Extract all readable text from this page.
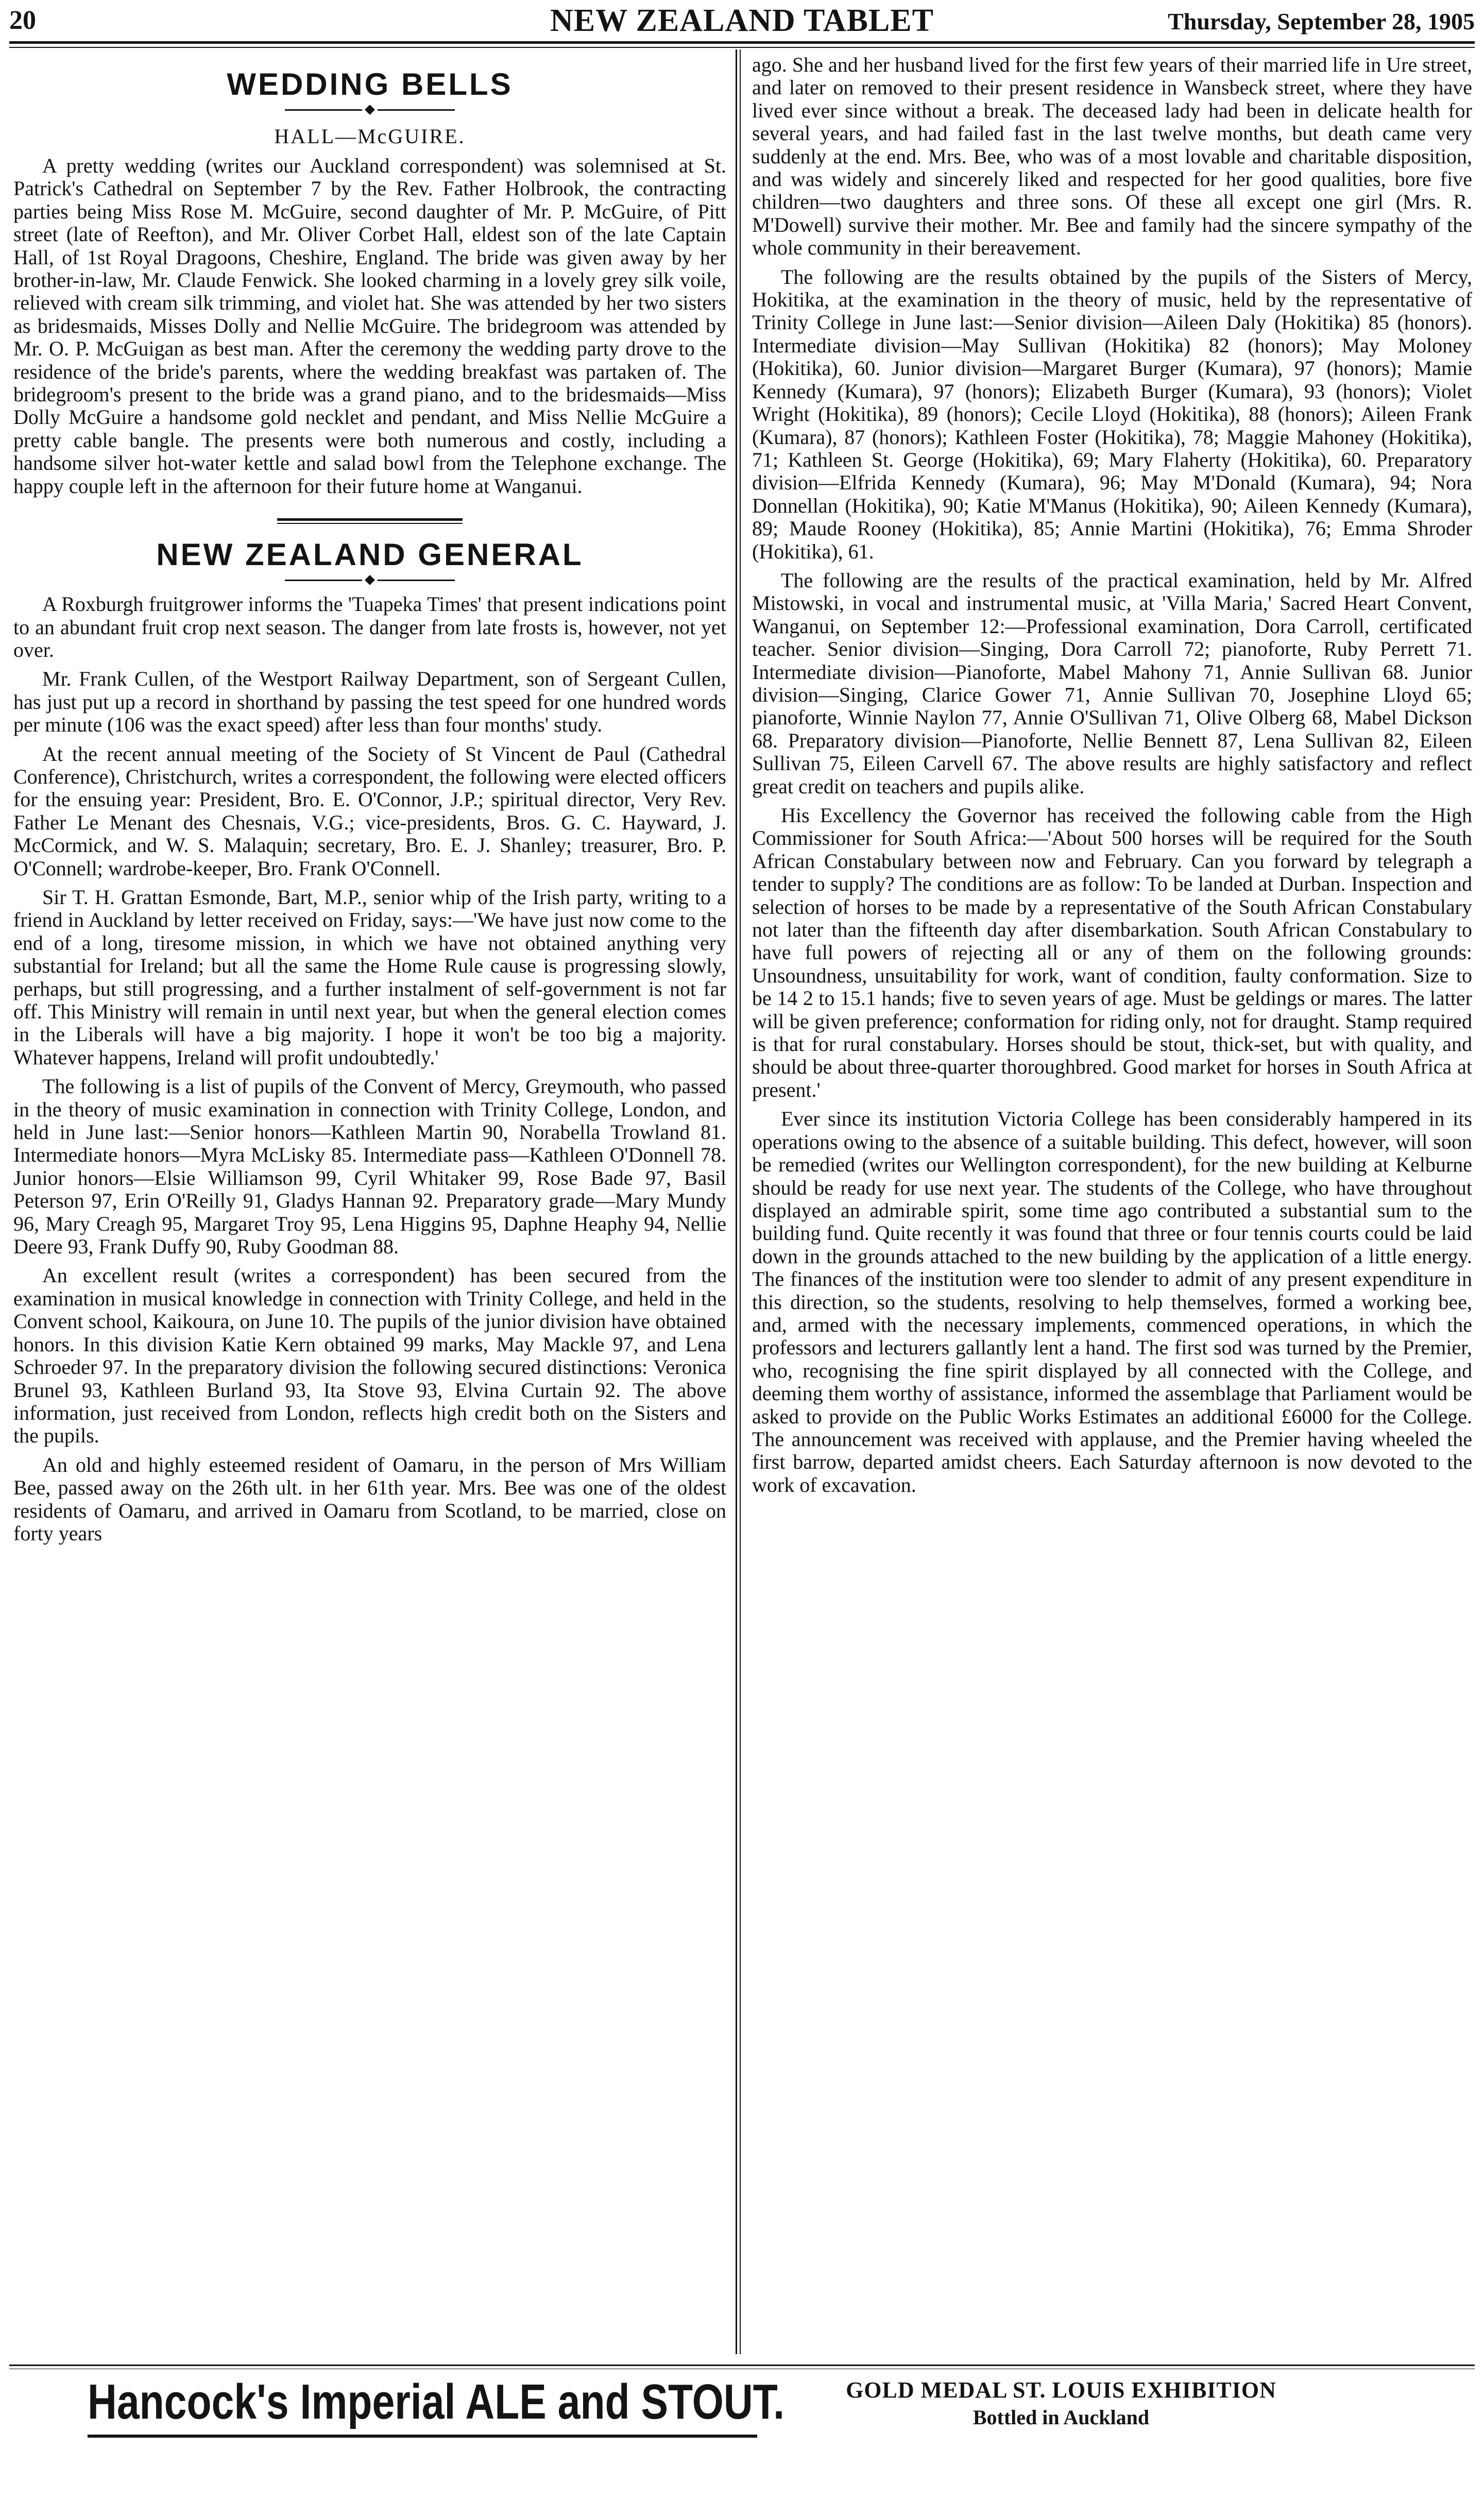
20	NEW ZEALAND TABLET	Thursday, September 28, 1905
WEDDING BELLS
HALL—McGUIRE.

A pretty wedding (writes our Auckland correspondent) was solemnised at St. Patrick's Cathedral on September 7 by the Rev. Father Holbrook, the contracting parties being Miss Rose M. McGuire, second daughter of Mr. P. McGuire, of Pitt street (late of Reefton), and Mr. Oliver Corbet Hall, eldest son of the late Captain Hall, of 1st Royal Dragoons, Cheshire, England. The bride was given away by her brother-in-law, Mr. Claude Fenwick. She looked charming in a lovely grey silk voile, relieved with cream silk trimming, and violet hat. She was attended by her two sisters as bridesmaids, Misses Dolly and Nellie McGuire. The bridegroom was attended by Mr. O. P. McGuigan as best man. After the ceremony the wedding party drove to the residence of the bride's parents, where the wedding breakfast was partaken of. The bridegroom's present to the bride was a grand piano, and to the bridesmaids—Miss Dolly McGuire a handsome gold necklet and pendant, and Miss Nellie McGuire a pretty cable bangle. The presents were both numerous and costly, including a handsome silver hot-water kettle and salad bowl from the Telephone exchange. The happy couple left in the afternoon for their future home at Wanganui.

NEW ZEALAND GENERAL

A Roxburgh fruitgrower informs the 'Tuapeka Times' that present indications point to an abundant fruit crop next season. The danger from late frosts is, however, not yet over.

Mr. Frank Cullen, of the Westport Railway Department, son of Sergeant Cullen, has just put up a record in shorthand by passing the test speed for one hundred words per minute (106 was the exact speed) after less than four months' study.

At the recent annual meeting of the Society of St Vincent de Paul (Cathedral Conference), Christchurch, writes a correspondent, the following were elected officers for the ensuing year: President, Bro. E. O'Connor, J.P.; spiritual director, Very Rev. Father Le Menant des Chesnais, V.G.; vice-presidents, Bros. G. C. Hayward, J. McCormick, and W. S. Malaquin; secretary, Bro. E. J. Shanley; treasurer, Bro. P. O'Connell; wardrobe-keeper, Bro. Frank O'Connell.

Sir T. H. Grattan Esmonde, Bart, M.P., senior whip of the Irish party, writing to a friend in Auckland by letter received on Friday, says:—'We have just now come to the end of a long, tiresome mission, in which we have not obtained anything very substantial for Ireland; but all the same the Home Rule cause is progressing slowly, perhaps, but still progressing, and a further instalment of self-government is not far off. This Ministry will remain in until next year, but when the general election comes in the Liberals will have a big majority. I hope it won't be too big a majority. Whatever happens, Ireland will profit undoubtedly.'

The following is a list of pupils of the Convent of Mercy, Greymouth, who passed in the theory of music examination in connection with Trinity College, London, and held in June last:—Senior honors—Kathleen Martin 90, Norabella Trowland 81. Intermediate honors—Myra McLisky 85. Intermediate pass—Kathleen O'Donnell 78. Junior honors—Elsie Williamson 99, Cyril Whitaker 99, Rose Bade 97, Basil Peterson 97, Erin O'Reilly 91, Gladys Hannan 92. Preparatory grade—Mary Mundy 96, Mary Creagh 95, Margaret Troy 95, Lena Higgins 95, Daphne Heaphy 94, Nellie Deere 93, Frank Duffy 90, Ruby Goodman 88.

An excellent result (writes a correspondent) has been secured from the examination in musical knowledge in connection with Trinity College, and held in the Convent school, Kaikoura, on June 10. The pupils of the junior division have obtained honors. In this division Katie Kern obtained 99 marks, May Mackle 97, and Lena Schroeder 97. In the preparatory division the following secured distinctions: Veronica Brunel 93, Kathleen Burland 93, Ita Stove 93, Elvina Curtain 92. The above information, just received from London, reflects high credit both on the Sisters and the pupils.

An old and highly esteemed resident of Oamaru, in the person of Mrs William Bee, passed away on the 26th ult. in her 61th year. Mrs. Bee was one of the oldest residents of Oamaru, and arrived in Oamaru from Scotland, to be married, close on forty years

ago. She and her husband lived for the first few years of their married life in Ure street, and later on removed to their present residence in Wansbeck street, where they have lived ever since without a break. The deceased lady had been in delicate health for several years, and had failed fast in the last twelve months, but death came very suddenly at the end. Mrs. Bee, who was of a most lovable and charitable disposition, and was widely and sincerely liked and respected for her good qualities, bore five children—two daughters and three sons. Of these all except one girl (Mrs. R. M'Dowell) survive their mother. Mr. Bee and family had the sincere sympathy of the whole community in their bereavement.

The following are the results obtained by the pupils of the Sisters of Mercy, Hokitika, at the examination in the theory of music, held by the representative of Trinity College in June last:—Senior division—Aileen Daly (Hokitika) 85 (honors). Intermediate division—May Sullivan (Hokitika) 82 (honors); May Moloney (Hokitika), 60. Junior division—Margaret Burger (Kumara), 97 (honors); Mamie Kennedy (Kumara), 97 (honors); Elizabeth Burger (Kumara), 93 (honors); Violet Wright (Hokitika), 89 (honors); Cecile Lloyd (Hokitika), 88 (honors); Aileen Frank (Kumara), 87 (honors); Kathleen Foster (Hokitika), 78; Maggie Mahoney (Hokitika), 71; Kathleen St. George (Hokitika), 69; Mary Flaherty (Hokitika), 60. Preparatory division—Elfrida Kennedy (Kumara), 96; May M'Donald (Kumara), 94; Nora Donnellan (Hokitika), 90; Katie M'Manus (Hokitika), 90; Aileen Kennedy (Kumara), 89; Maude Rooney (Hokitika), 85; Annie Martini (Hokitika), 76; Emma Shroder (Hokitika), 61.

The following are the results of the practical examination, held by Mr. Alfred Mistowski, in vocal and instrumental music, at 'Villa Maria,' Sacred Heart Convent, Wanganui, on September 12:—Professional examination, Dora Carroll, certificated teacher. Senior division—Singing, Dora Carroll 72; pianoforte, Ruby Perrett 71. Intermediate division—Pianoforte, Mabel Mahony 71, Annie Sullivan 68. Junior division—Singing, Clarice Gower 71, Annie Sullivan 70, Josephine Lloyd 65; pianoforte, Winnie Naylon 77, Annie O'Sullivan 71, Olive Olberg 68, Mabel Dickson 68. Preparatory division—Pianoforte, Nellie Bennett 87, Lena Sullivan 82, Eileen Sullivan 75, Eileen Carvell 67. The above results are highly satisfactory and reflect great credit on teachers and pupils alike.

His Excellency the Governor has received the following cable from the High Commissioner for South Africa:—'About 500 horses will be required for the South African Constabulary between now and February. Can you forward by telegraph a tender to supply? The conditions are as follow: To be landed at Durban. Inspection and selection of horses to be made by a representative of the South African Constabulary not later than the fifteenth day after disembarkation. South African Constabulary to have full powers of rejecting all or any of them on the following grounds: Unsoundness, unsuitability for work, want of condition, faulty conformation. Size to be 14 2 to 15.1 hands; five to seven years of age. Must be geldings or mares. The latter will be given preference; conformation for riding only, not for draught. Stamp required is that for rural constabulary. Horses should be stout, thick-set, but with quality, and should be about three-quarter thoroughbred. Good market for horses in South Africa at present.'

Ever since its institution Victoria College has been considerably hampered in its operations owing to the absence of a suitable building. This defect, however, will soon be remedied (writes our Wellington correspondent), for the new building at Kelburne should be ready for use next year. The students of the College, who have throughout displayed an admirable spirit, some time ago contributed a substantial sum to the building fund. Quite recently it was found that three or four tennis courts could be laid down in the grounds attached to the new building by the application of a little energy. The finances of the institution were too slender to admit of any present expenditure in this direction, so the students, resolving to help themselves, formed a working bee, and, armed with the necessary implements, commenced operations, in which the professors and lecturers gallantly lent a hand. The first sod was turned by the Premier, who, recognising the fine spirit displayed by all connected with the College, and deeming them worthy of assistance, informed the assemblage that Parliament would be asked to provide on the Public Works Estimates an additional £6000 for the College. The announcement was received with applause, and the Premier having wheeled the first barrow, departed amidst cheers. Each Saturday afternoon is now devoted to the work of excavation.

Hancock's Imperial ALE and STOUT.	GOLD MEDAL ST. LOUIS EXHIBITION
Bottled in Auckland
